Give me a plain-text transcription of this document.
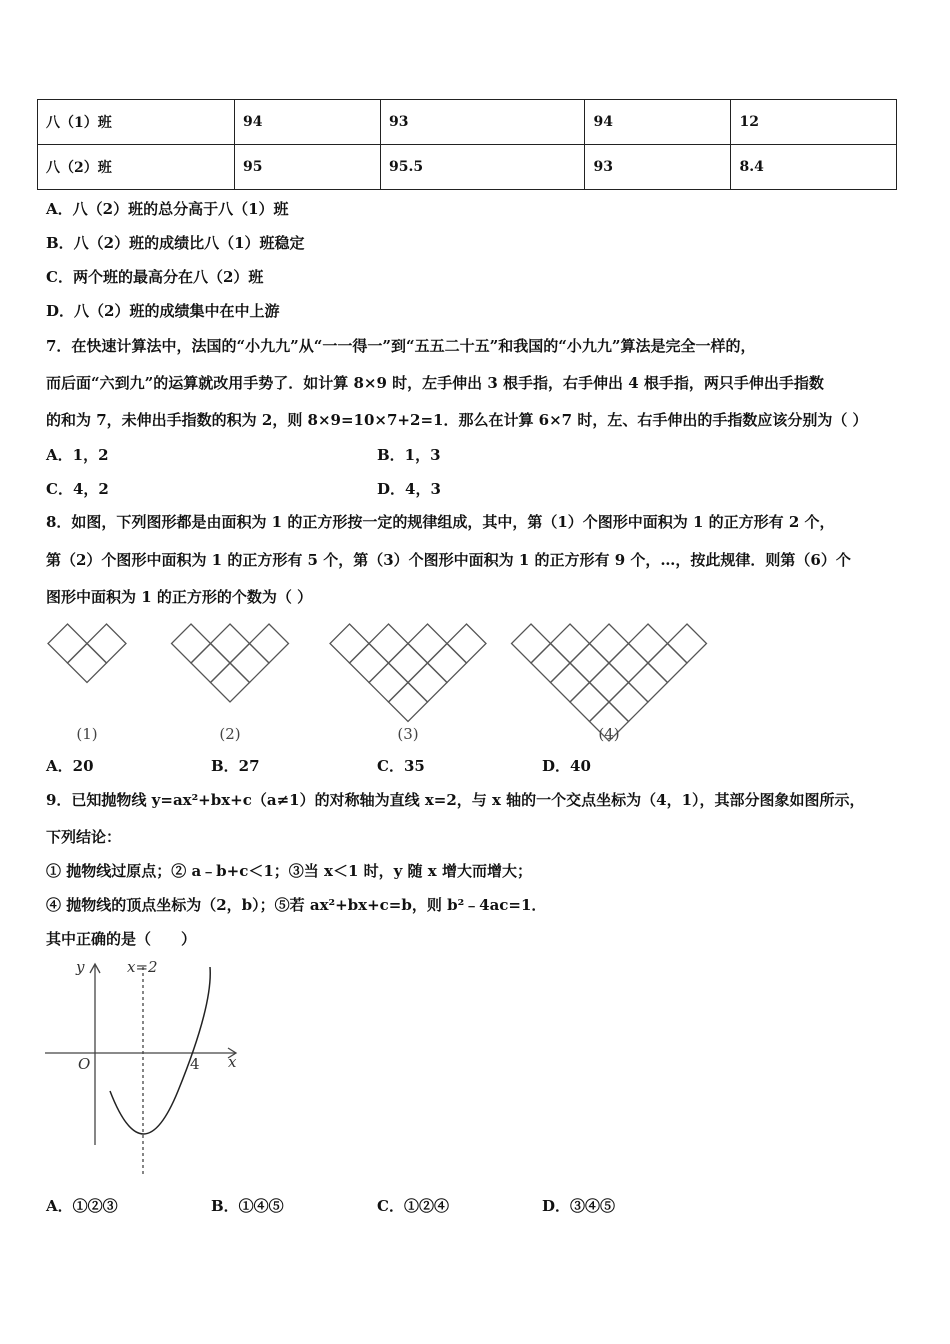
八（1）班	94	93	94	12
八（2）班	95	95.5	93	8.4
A．八（2）班的总分高于八（1）班
B．八（2）班的成绩比八（1）班稳定
C．两个班的最高分在八（2）班
D．八（2）班的成绩集中在中上游
7．在快速计算法中，法国的“小九九”从“一一得一”到“五五二十五”和我国的“小九九”算法是完全一样的，
而后面“六到九”的运算就改用手势了．如计算 8×9 时，左手伸出 3 根手指，右手伸出 4 根手指，两只手伸出手指数
的和为 7，未伸出手指数的积为 2，则 8×9=10×7+2=1．那么在计算 6×7 时，左、右手伸出的手指数应该分别为（ ）
A．1，2	B．1，3
C．4，2	D．4，3
8．如图，下列图形都是由面积为 1 的正方形按一定的规律组成，其中，第（1）个图形中面积为 1 的正方形有 2 个，
第（2）个图形中面积为 1 的正方形有 5 个，第（3）个图形中面积为 1 的正方形有 9 个，…，按此规律．则第（6）个
图形中面积为 1 的正方形的个数为（ ）
(1)	(2)	(3)	(4)
A．20	B．27	C．35	D．40
9．已知抛物线 y=ax²+bx+c（a≠1）的对称轴为直线 x=2，与 x 轴的一个交点坐标为（4，1），其部分图象如图所示，
下列结论：
① 抛物线过原点；② a﹣b+c＜1；③当 x＜1 时，y 随 x 增大而增大；
④ 抛物线的顶点坐标为（2，b）；⑤若 ax²+bx+c=b，则 b²﹣4ac=1．
其中正确的是（　　）
y
x
O
x=2
4
A．①②③	B．①④⑤	C．①②④	D．③④⑤
